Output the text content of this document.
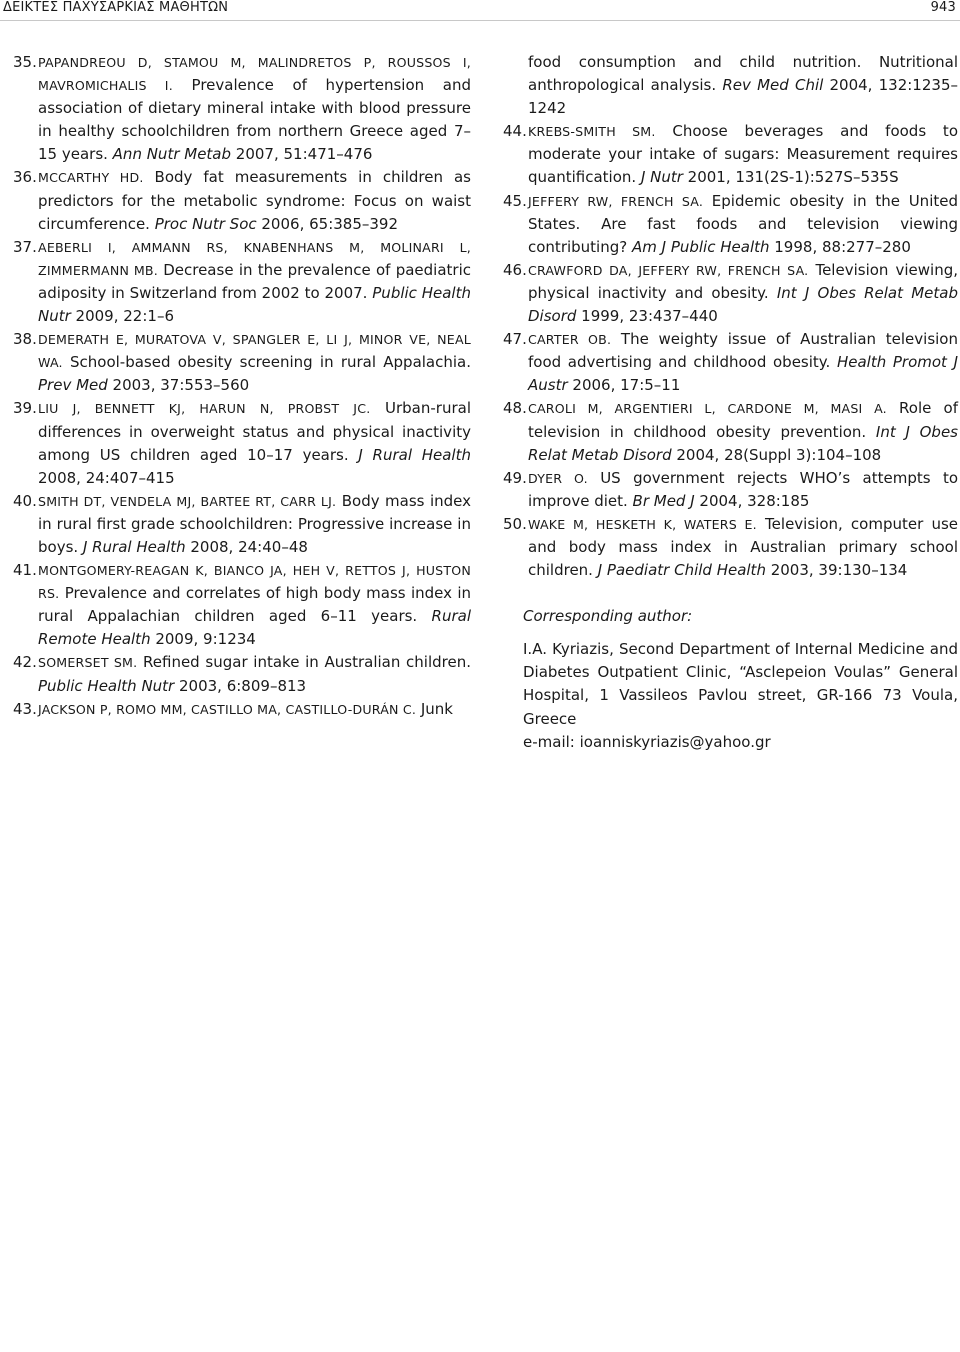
ΔΕΙΚΤΕΣ ΠΑΧΥΣΑΡΚΙΑΣ ΜΑΘΗΤΩΝ	943
35. PAPANDREOU D, STAMOU M, MALINDRETOS P, ROUSSOS I, MAVROMICHALIS I. Prevalence of hypertension and association of dietary mineral intake with blood pressure in healthy schoolchildren from northern Greece aged 7–15 years. Ann Nutr Metab 2007, 51:471–476
36. MCCARTHY HD. Body fat measurements in children as predictors for the metabolic syndrome: Focus on waist circumference. Proc Nutr Soc 2006, 65:385–392
37. AEBERLI I, AMMANN RS, KNABENHANS M, MOLINARI L, ZIMMERMANN MB. Decrease in the prevalence of paediatric adiposity in Switzerland from 2002 to 2007. Public Health Nutr 2009, 22:1–6
38. DEMERATH E, MURATOVA V, SPANGLER E, LI J, MINOR VE, NEAL WA. School-based obesity screening in rural Appalachia. Prev Med 2003, 37:553–560
39. LIU J, BENNETT KJ, HARUN N, PROBST JC. Urban-rural differences in overweight status and physical inactivity among US children aged 10–17 years. J Rural Health 2008, 24:407–415
40. SMITH DT, VENDELA MJ, BARTEE RT, CARR LJ. Body mass index in rural first grade schoolchildren: Progressive increase in boys. J Rural Health 2008, 24:40–48
41. MONTGOMERY-REAGAN K, BIANCO JA, HEH V, RETTOS J, HUSTON RS. Prevalence and correlates of high body mass index in rural Appalachian children aged 6–11 years. Rural Remote Health 2009, 9:1234
42. SOMERSET SM. Refined sugar intake in Australian children. Public Health Nutr 2003, 6:809–813
43. JACKSON P, ROMO MM, CASTILLO MA, CASTILLO-DURÁN C. Junk
food consumption and child nutrition. Nutritional anthropological analysis. Rev Med Chil 2004, 132:1235–1242
44. KREBS-SMITH SM. Choose beverages and foods to moderate your intake of sugars: Measurement requires quantification. J Nutr 2001, 131(2S-1):527S–535S
45. JEFFERY RW, FRENCH SA. Epidemic obesity in the United States. Are fast foods and television viewing contributing? Am J Public Health 1998, 88:277–280
46. CRAWFORD DA, JEFFERY RW, FRENCH SA. Television viewing, physical inactivity and obesity. Int J Obes Relat Metab Disord 1999, 23:437–440
47. CARTER OB. The weighty issue of Australian television food advertising and childhood obesity. Health Promot J Austr 2006, 17:5–11
48. CAROLI M, ARGENTIERI L, CARDONE M, MASI A. Role of television in childhood obesity prevention. Int J Obes Relat Metab Disord 2004, 28(Suppl 3):104–108
49. DYER O. US government rejects WHO’s attempts to improve diet. Br Med J 2004, 328:185
50. WAKE M, HESKETH K, WATERS E. Television, computer use and body mass index in Australian primary school children. J Paediatr Child Health 2003, 39:130–134
Corresponding author:
I.A. Kyriazis, Second Department of Internal Medicine and Diabetes Outpatient Clinic, “Asclepeion Voulas” General Hospital, 1 Vassileos Pavlou street, GR-166 73 Voula, Greece
e-mail: ioanniskyriazis@yahoo.gr
